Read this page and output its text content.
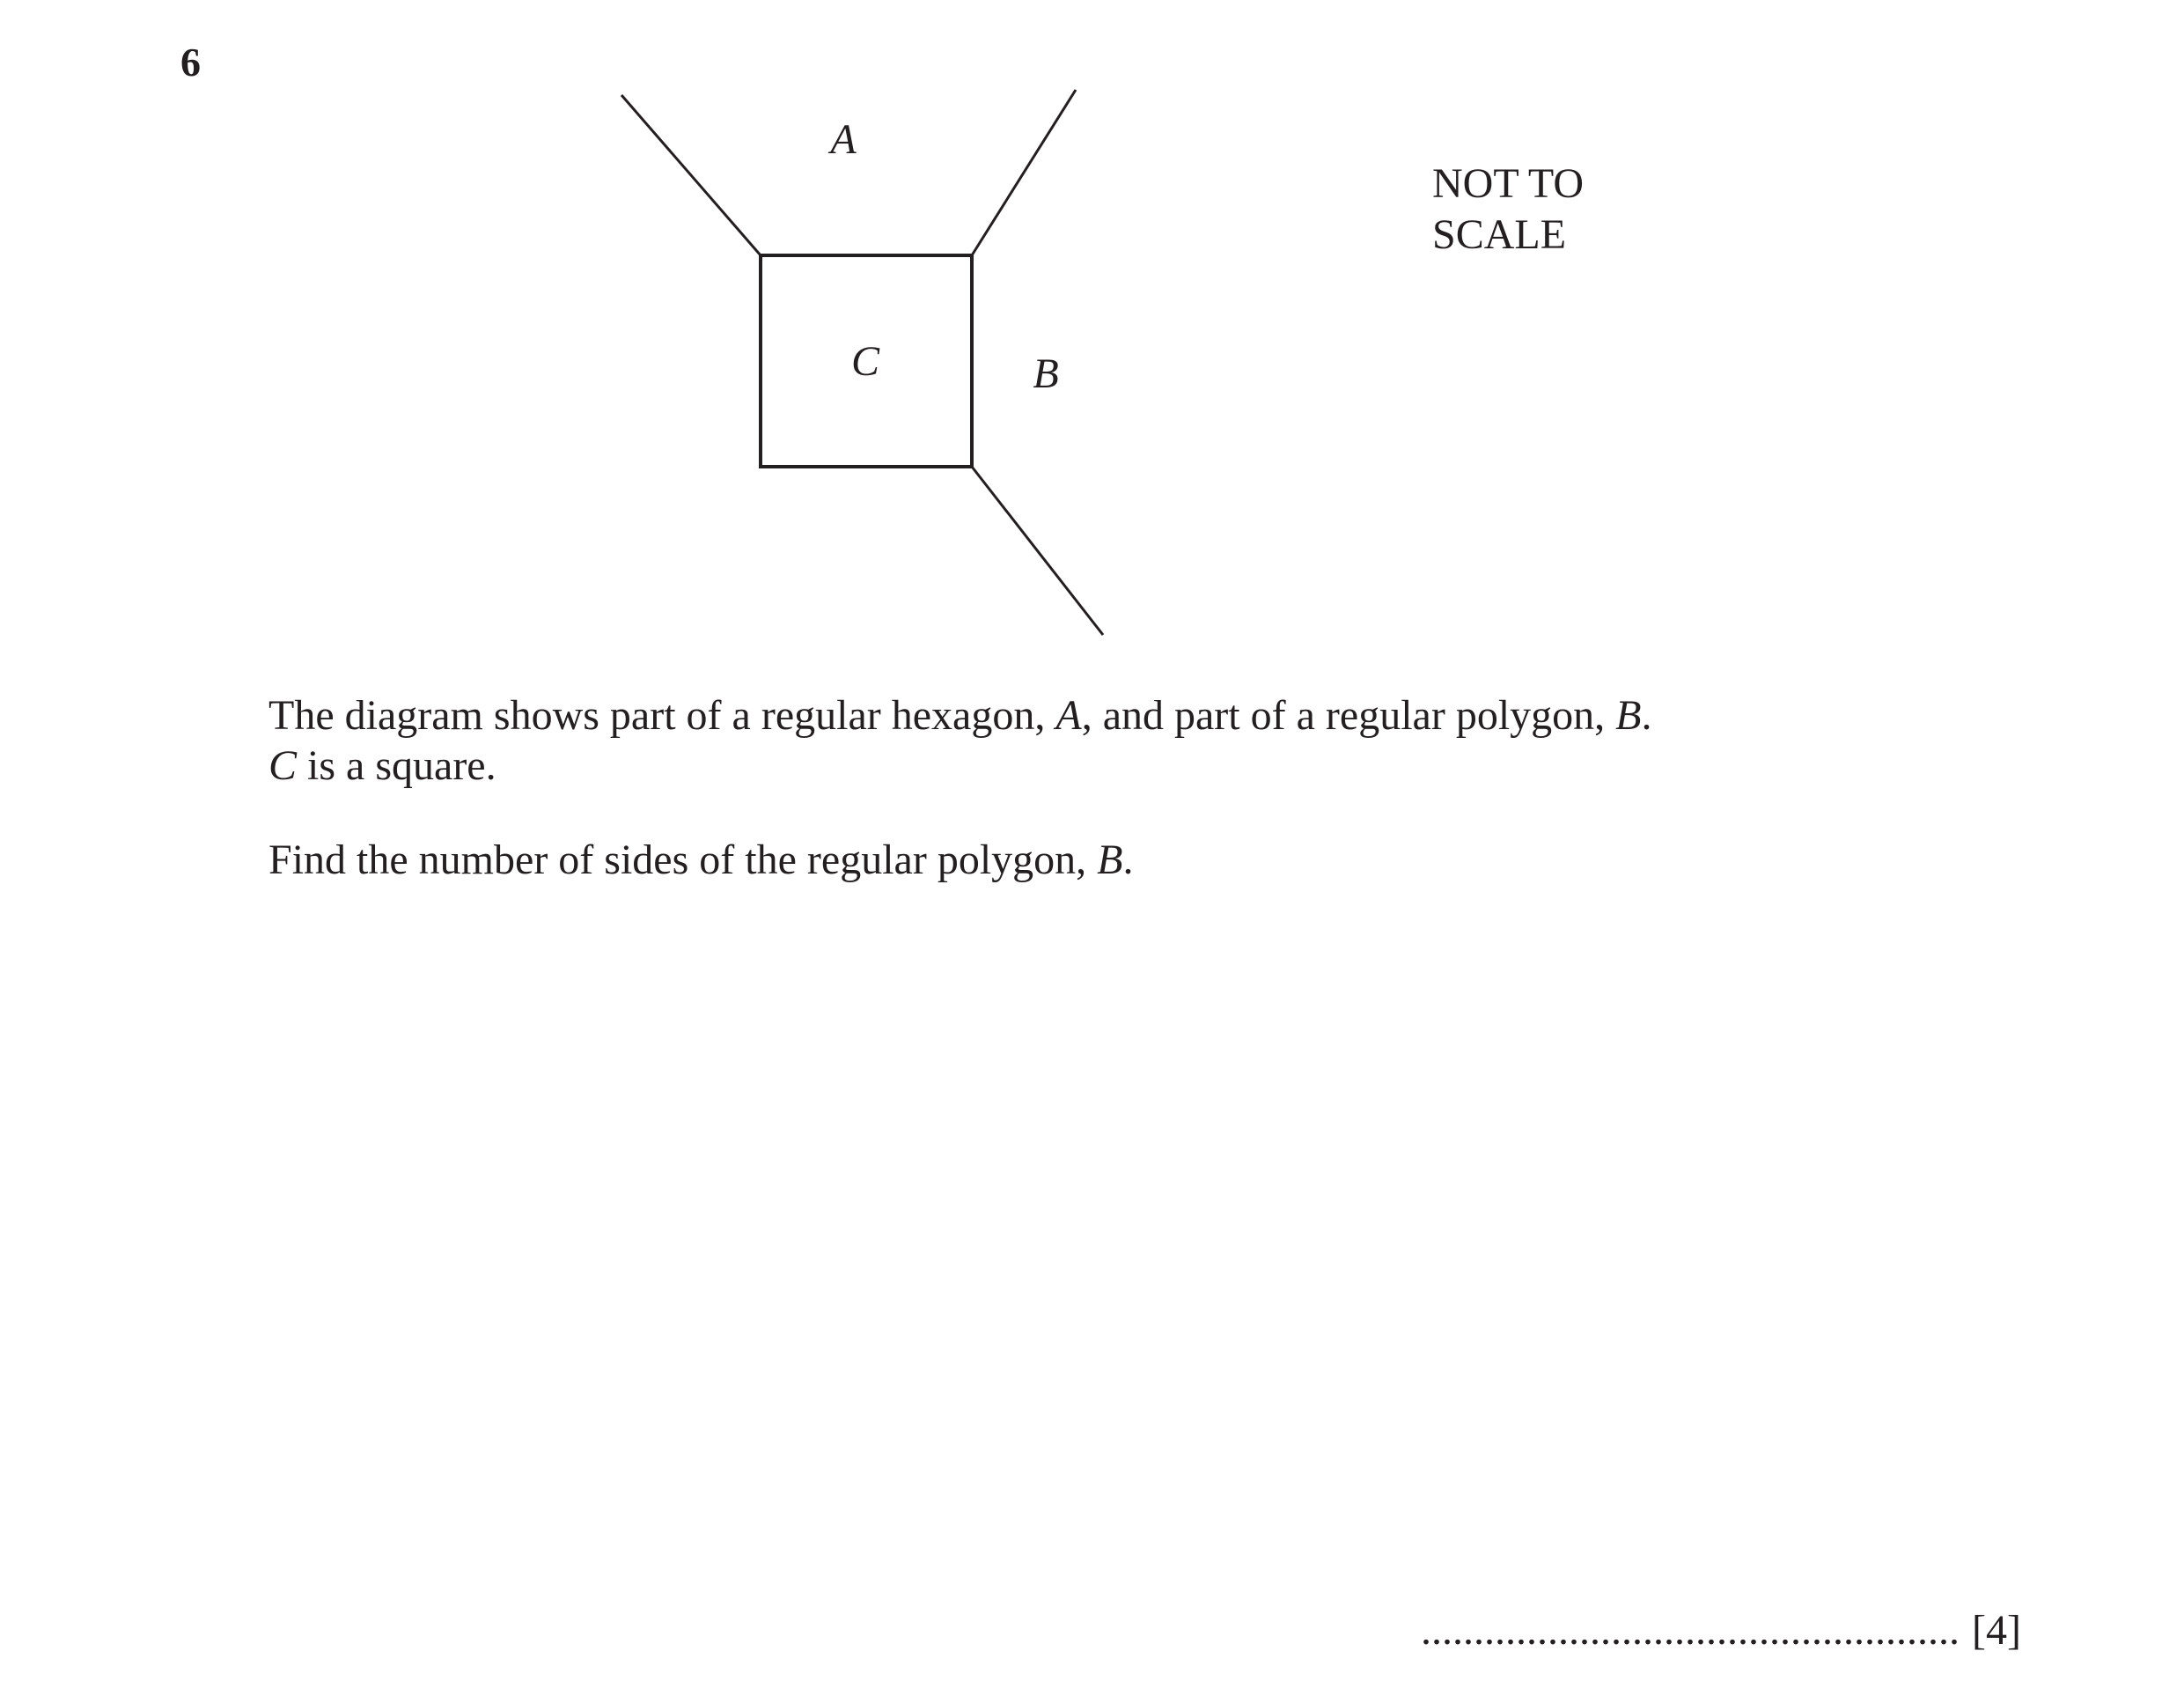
6
A
C	B
NOT TO
SCALE

The diagram shows part of a regular hexagon, A, and part of a regular polygon, B.

C is a square.

Find the number of sides of the regular polygon, B.

................................................... [4]
